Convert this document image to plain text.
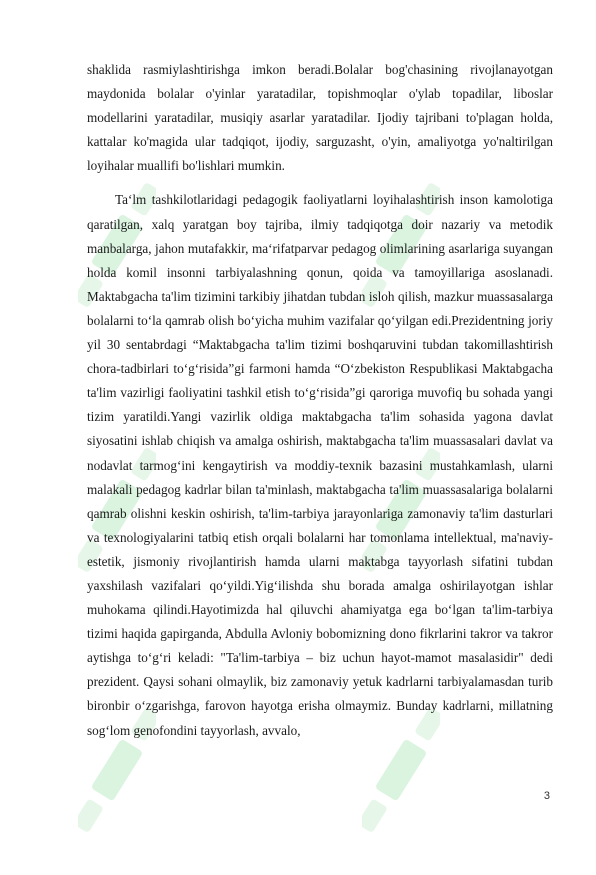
shaklida rasmiylashtirishga imkon beradi.Bolalar bog'chasining rivojlanayotgan maydonida bolalar o'yinlar yaratadilar, topishmoqlar o'ylab topadilar, liboslar modellarini yaratadilar, musiqiy asarlar yaratadilar. Ijodiy tajribani to'plagan holda, kattalar ko'magida ular tadqiqot, ijodiy, sarguzasht, o'yin, amaliyotga yo'naltirilgan loyihalar muallifi bo'lishlari mumkin.

Ta‘lm tashkilotlaridagi pedagogik faoliyatlarni loyihalashtirish inson kamolotiga qaratilgan, xalq yaratgan boy tajriba, ilmiy tadqiqotga doir nazariy va metodik manbalarga, jahon mutafakkir, ma‘rifatparvar pedagog olimlarining asarlariga suyangan holda komil insonni tarbiyalashning qonun, qoida va tamoyillariga asoslanadi. Maktabgacha ta'lim tizimini tarkibiy jihatdan tubdan isloh qilish, mazkur muassasalarga bolalarni to‘la qamrab olish bo‘yicha muhim vazifalar qo‘yilgan edi.Prezidentning joriy yil 30 sentabrdagi “Maktabgacha ta'lim tizimi boshqaruvini tubdan takomillashtirish chora-tadbirlari to‘g‘risida”gi farmoni hamda “O‘zbekiston Respublikasi Maktabgacha ta'lim vazirligi faoliyatini tashkil etish to‘g‘risida”gi qaroriga muvofiq bu sohada yangi tizim yaratildi.Yangi vazirlik oldiga maktabgacha ta'lim sohasida yagona davlat siyosatini ishlab chiqish va amalga oshirish, maktabgacha ta'lim muassasalari davlat va nodavlat tarmog‘ini kengaytirish va moddiy-texnik bazasini mustahkamlash, ularni malakali pedagog kadrlar bilan ta'minlash, maktabgacha ta'lim muassasalariga bolalarni qamrab olishni keskin oshirish, ta'lim-tarbiya jarayonlariga zamonaviy ta'lim dasturlari va texnologiyalarini tatbiq etish orqali bolalarni har tomonlama intellektual, ma'naviy-estetik, jismoniy rivojlantirish hamda ularni maktabga tayyorlash sifatini tubdan yaxshilash vazifalari qo‘yildi.Yig‘ilishda shu borada amalga oshirilayotgan ishlar muhokama qilindi.Hayotimizda hal qiluvchi ahamiyatga ega bo‘lgan ta'lim-tarbiya tizimi haqida gapirganda, Abdulla Avloniy bobomizning dono fikrlarini takror va takror aytishga to‘g‘ri keladi: "Ta'lim-tarbiya – biz uchun hayot-mamot masalasidir" dedi prezident. Qaysi sohani olmaylik, biz zamonaviy yetuk kadrlarni tarbiyalamasdan turib bironbir o‘zgarishga, farovon hayotga erisha olmaymiz. Bunday kadrlarni, millatning sog‘lom genofondini tayyorlash, avvalo,

3
